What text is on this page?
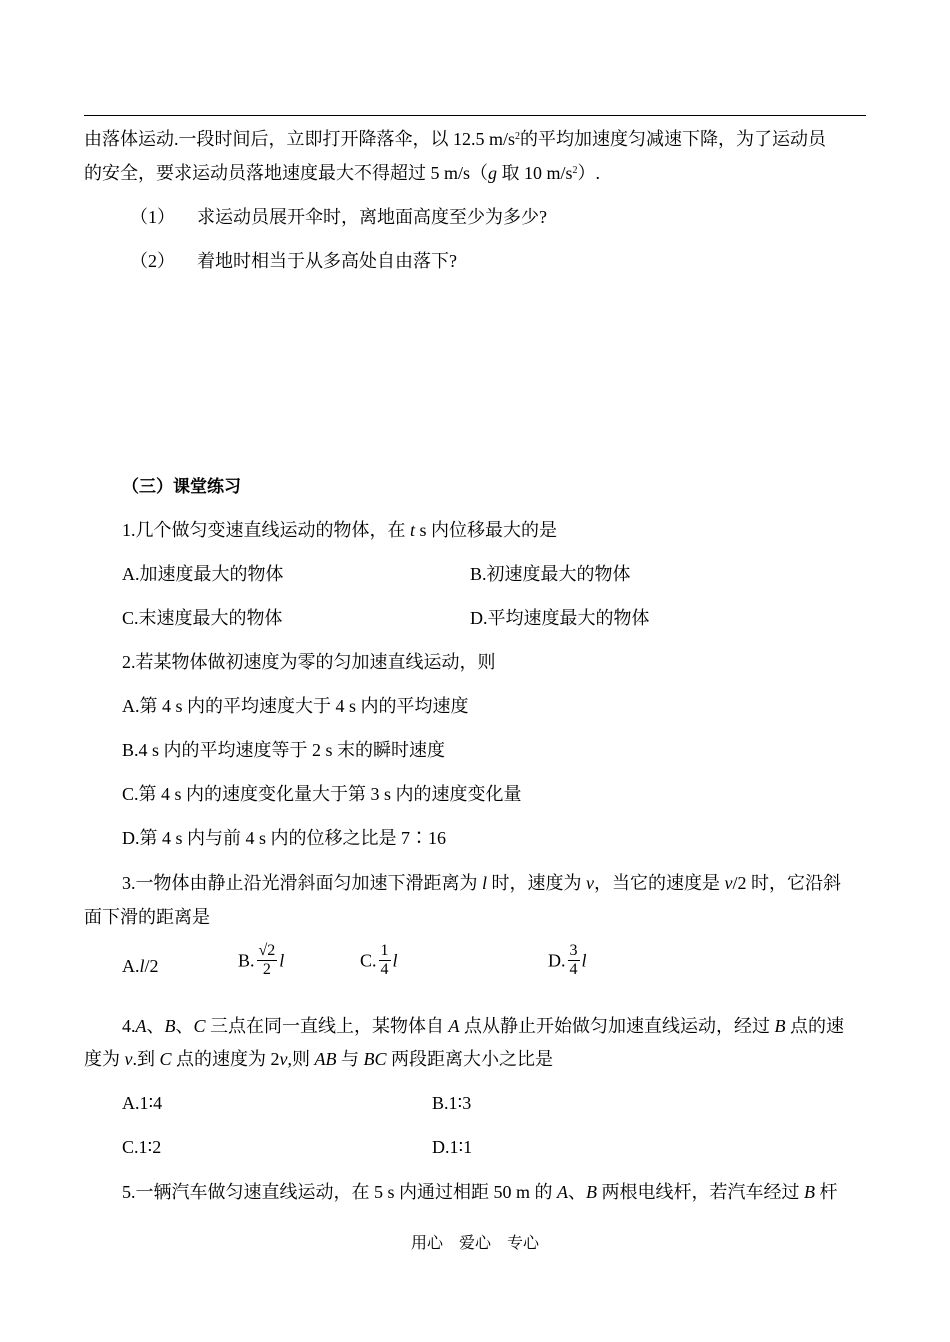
由落体运动.一段时间后，立即打开降落伞，以 12.5 $m/s^2$的平均加速度匀减速下降，为了运动员
的安全，要求运动员落地速度最大不得超过 5 m/s（g 取 10 $m/s^2$）.
（1） 求运动员展开伞时，离地面高度至少为多少?
（2） 着地时相当于从多高处自由落下?
（三）课堂练习
1.几个做匀变速直线运动的物体，在 t s 内位移最大的是
A.加速度最大的物体	B.初速度最大的物体
C.末速度最大的物体	D.平均速度最大的物体
2.若某物体做初速度为零的匀加速直线运动，则
A.第 4 s 内的平均速度大于 4 s 内的平均速度
B.4 s 内的平均速度等于 2 s 末的瞬时速度
C.第 4 s 内的速度变化量大于第 3 s 内的速度变化量
D.第 4 s 内与前 4 s 内的位移之比是 7∶16
3.一物体由静止沿光滑斜面匀加速下滑距离为 l 时，速度为 v，当它的速度是 v/2 时，它沿斜
面下滑的距离是
A.l/2	B. $\frac{√2}{2}$ l	C. $\frac{1}{4}$ l	D. $\frac{3}{4}$ l
4.A、B、C 三点在同一直线上，某物体自 A 点从静止开始做匀加速直线运动，经过 B 点的速
度为 v.到 C 点的速度为 2v,则 AB 与 BC 两段距离大小之比是
A.1∶4	B.1∶3
C.1∶2	D.1∶1
5.一辆汽车做匀速直线运动，在 5 s 内通过相距 50 m 的 A、B 两根电线杆，若汽车经过 B 杆
用心　爱心　专心
